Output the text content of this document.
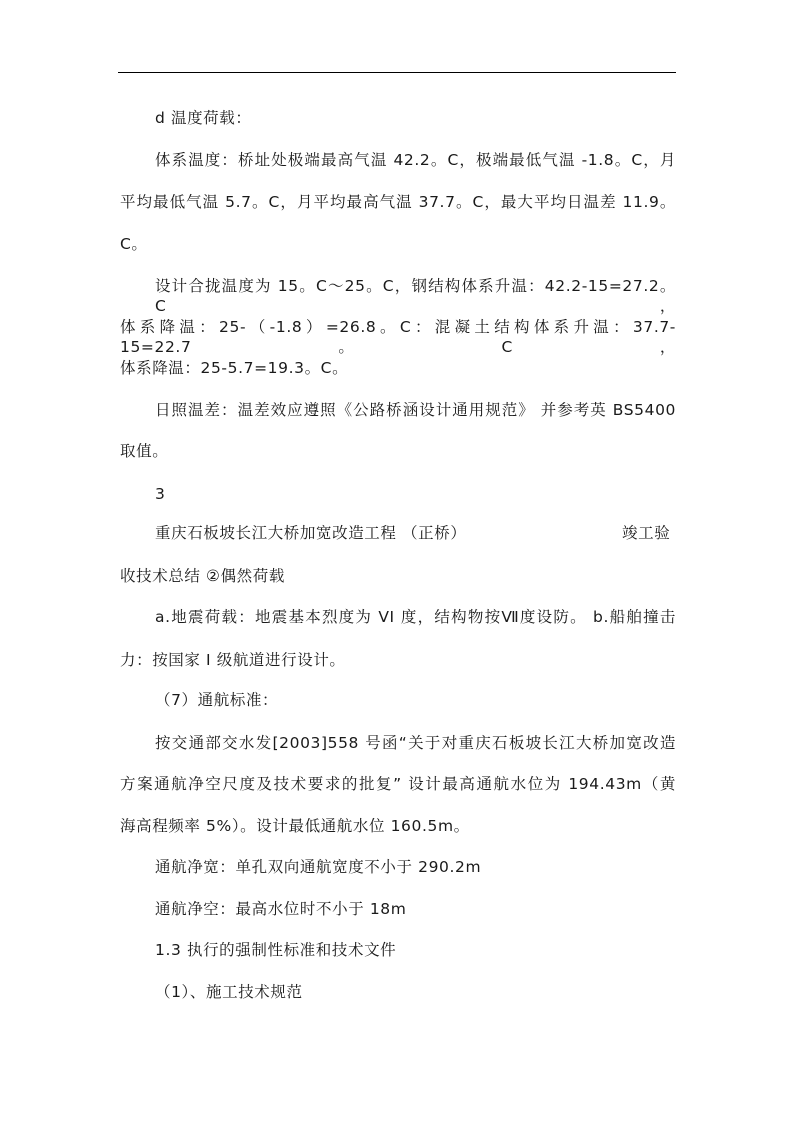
d 温度荷载：
体系温度：桥址处极端最高气温 42.2。C，极端最低气温 -1.8。C，月
平均最低气温 5.7。C，月平均最高气温 37.7。C，最大平均日温差 11.9。
C。
设计合拢温度为 15。C～25。C，钢结构体系升温：42.2-15=27.2。C，
体系降温：25-（-1.8）=26.8。C：混凝土结构体系升温：37.7-15=22.7。C，
体系降温：25-5.7=19.3。C。
日照温差：温差效应遵照《公路桥涵设计通用规范》 并参考英 BS5400
取值。
3
重庆石板坡长江大桥加宽改造工程 （正桥）	竣工验
收技术总结 ②偶然荷载
a.地震荷载：地震基本烈度为 VI 度，结构物按Ⅶ度设防。 b.船舶撞击
力：按国家 I 级航道进行设计。
（7）通航标准：
按交通部交水发[2003]558 号函“关于对重庆石板坡长江大桥加宽改造
方案通航净空尺度及技术要求的批复” 设计最高通航水位为 194.43m（黄
海高程频率 5%）。设计最低通航水位 160.5m。
通航净宽：单孔双向通航宽度不小于 290.2m
通航净空：最高水位时不小于 18m
1.3 执行的强制性标准和技术文件
（1）、施工技术规范
